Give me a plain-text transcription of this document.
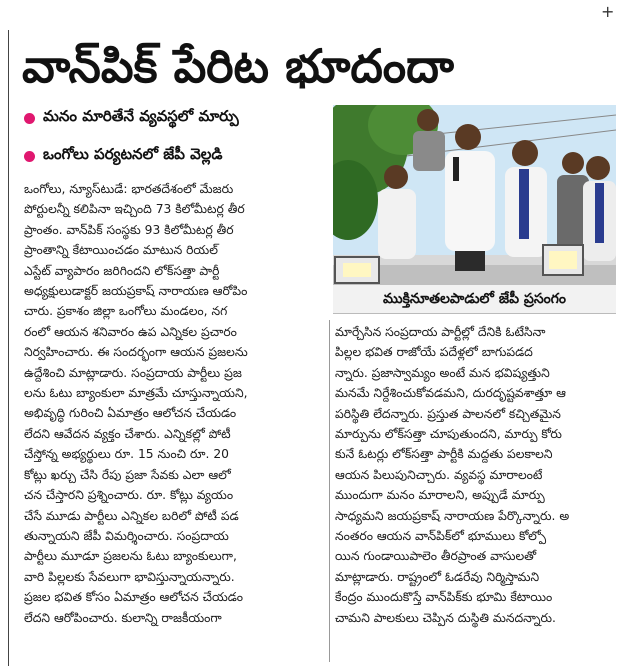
+
వాన్‌పిక్ పేరిట భూదందా
మనం మారితేనే వ్యవస్థలో మార్పు
ఒంగోలు పర్యటనలో జేపీ వెల్లడి
ముక్తినూతలపాడులో జేపీ ప్రసంగం

ఒంగోలు, న్యూస్‌టుడే: భారతదేశంలో మేజరు

పోర్టులన్నీ కలిపినా ఇచ్చింది 73 కిలోమీటర్ల తీర

ప్రాంతం. వాన్‌పిక్ సంస్థకు 93 కిలోమీటర్ల తీర

ప్రాంతాన్ని కేటాయించడం మాటున రియల్

ఎస్టేట్ వ్యాపారం జరిగిందని లోక్‌సత్తా పార్టీ

అధ్యక్షులుడాక్టర్ జయప్రకాష్ నారాయణ ఆరోపిం

చారు. ప్రకాశం జిల్లా ఒంగోలు మండలం, నగ

రంలో ఆయన శనివారం ఉప ఎన్నికల ప్రచారం

నిర్వహించారు. ఈ సందర్భంగా ఆయన ప్రజలను

ఉద్దేశించి మాట్లాడారు. సంప్రదాయ పార్టీలు ప్రజ

లను ఓటు బ్యాంకులా మాత్రమే చూస్తున్నాయని,

అభివృద్ధి గురించి ఏమాత్రం ఆలోచన చేయడం

లేదని ఆవేదన వ్యక్తం చేశారు. ఎన్నికల్లో పోటీ

చేస్తోన్న అభ్యర్థులు రూ. 15 నుంచి రూ. 20

కోట్లు ఖర్చు చేసి రేపు ప్రజా సేవకు ఎలా ఆలో

చన చేస్తారని ప్రశ్నించారు. రూ. కోట్లు వ్యయం

చేసే మూడు పార్టీలు ఎన్నికల బరిలో పోటీ పడ

తున్నాయని జేపీ విమర్శించారు. సంప్రదాయ

పార్టీలు మూడూ ప్రజలను ఓటు బ్యాంకులుగా,

వారి పిల్లలకు సేవలుగా భావిస్తున్నాయన్నారు.

ప్రజల భవిత కోసం ఏమాత్రం ఆలోచన చేయడం

లేదని ఆరోపించారు. కులాన్ని రాజకీయంగా

మార్చేసిన సంప్రదాయ పార్టీల్లో దేనికి ఓటేసినా

పిల్లల భవిత రాజోయే పదేళ్లలో బాగుపడద

న్నారు. ప్రజాస్వామ్యం అంటే మన భవిష్యత్తుని

మనమే నిర్దేశించుకోవడమని, దురదృష్టవశాత్తూ ఆ

పరిస్థితి లేదన్నారు. ప్రస్తుత పాలనలో కచ్చితమైన

మార్పును లోక్‌సత్తా చూపుతుందని, మార్పు కోరు

కునే ఓటర్లు లోక్‌సత్తా పార్టీకి మద్దతు పలకాలని

ఆయన పిలుపునిచ్చారు. వ్యవస్థ మారాలంటే

ముందుగా మనం మారాలని, అప్పుడే మార్పు

సాధ్యమని జయప్రకాష్ నారాయణ పేర్కొన్నారు. అ

నంతరం ఆయన వాన్‌పిక్‌లో భూములు కోల్పో

యిన గుండాయిపాలెం తీరప్రాంత వాసులతో

మాట్లాడారు. రాష్ట్రంలో ఓడరేవు నిర్మిస్తామని

కేంద్రం ముందుకొస్తే వాన్‌పిక్‌కు భూమి కేటాయిం

చామని పాలకులు చెప్పిన దుస్థితి మనదన్నారు.
